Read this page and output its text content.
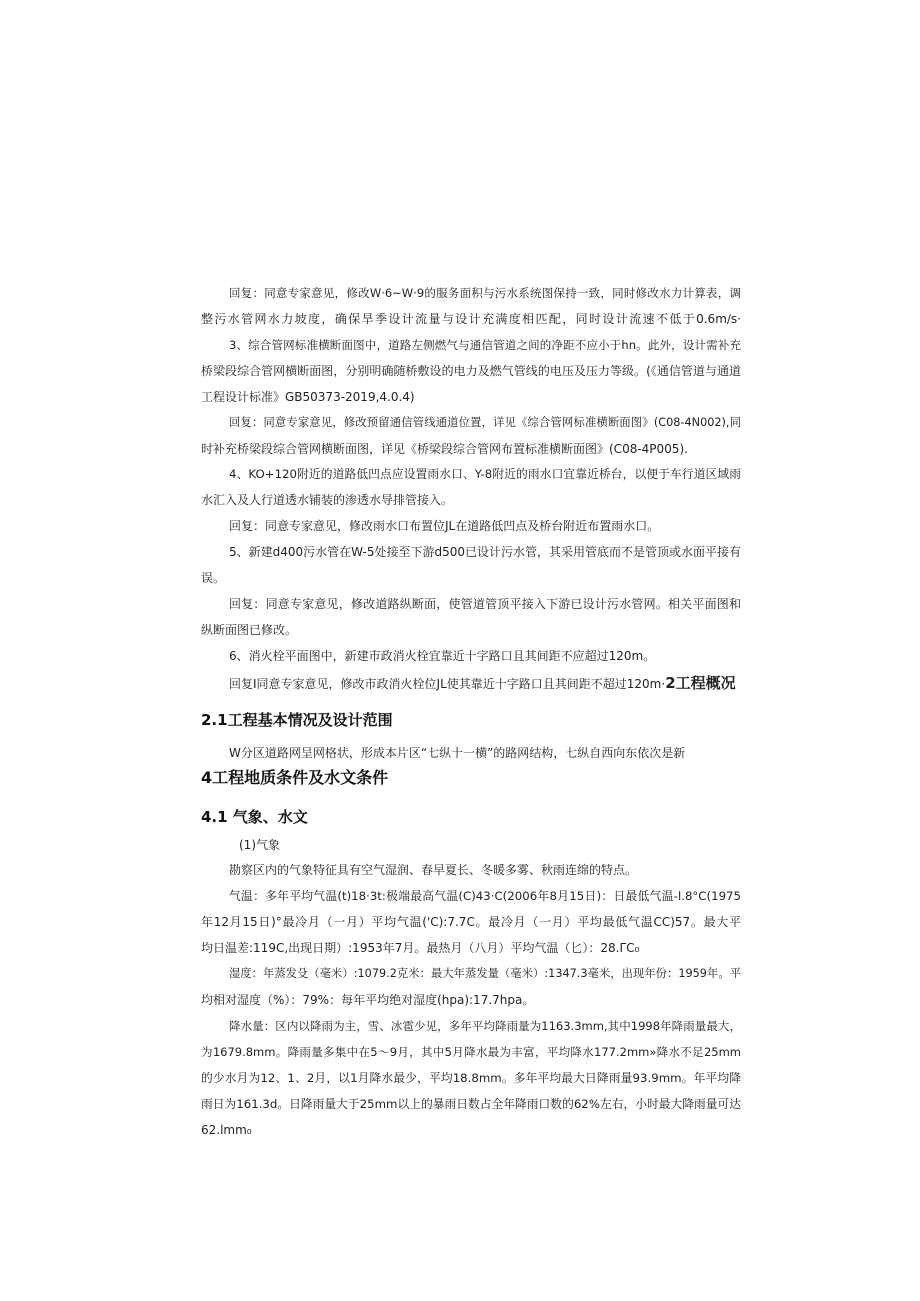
回复：同意专家意见，修改W·6~W·9的服务面积与污水系统图保持一致，同时修改水力计算表，调
整污水管网水力坡度，确保旱季设计流量与设计充满度相匹配，同时设计流速不低于0.6m∕s·
3、综合管网标准横断面图中，道路左侧燃气与通信管道之间的净距不应小于hn。此外，设计需补充
桥梁段综合管网横断面图，分别明确随桥敷设的电力及燃气管线的电压及压力等级。(《通信管道与通道
工程设计标准》GB50373-2019,4.0.4)
回复：同意专家意见，修改预留通信管线通道位置，详见《综合管网标准横断面图》(C08-4N002),同
时补充桥梁段综合管网横断面图，详见《桥梁段综合管网布置标准横断面图》(C08-4P005).
4、KO+120附近的道路低凹点应设置雨水口、Y-8附近的雨水口宜靠近桥台，以便于车行道区域雨
水汇入及人行道透水铺装的渗透水导排管接入。
回复：同意专家意见，修改雨水口布置位JL在道路低凹点及桥台附近布置雨水口。
5、新建d400污水管在W-5处接至下游d500已设计污水管，其采用管底而不是管顶或水面平接有
误。
回复：同意专家意见，修改道路纵断面，使管道管顶平接入下游已设计污水管网。相关平面图和
纵断面图已修改。
6、消火栓平面图中，新建市政消火栓宜靠近十字路口且其间距不应超过120m。
回复I同意专家意见，修改市政消火栓位JL使其靠近十字路口且其间距不超过120m·2工程概况
2.1工程基本情况及设计范围
W分区道路网呈网格状，形成本片区“七纵十一横”的路网结构，七纵自西向东依次是新
4工程地质条件及水文条件
4.1 气象、水文
(1)气象
勘察区内的气象特征具有空气湿润、春早夏长、冬暖多雾、秋雨连绵的特点。
气温：多年平均气温(t)18·3t:极端最高气温(C)43·C(2006年8月15日)：日最低气温-l.8°C(1975
年12月15日)°最冷月（一月）平均气温('C):7.7C。最冷月（一月）平均最低气温CC)57。最大平
均日温差:119C,出现日期）:1953年7月。最热月（八月）平均气温（匕）：28.ΓC₀
湿度：年蒸发殳（毫米）:1079.2克米：最大年蒸发量（毫米）:1347.3毫米，出现年份：1959年。平
均相对湿度（%）：79%：每年平均绝对湿度(hpa):17.7hpa。
降水量：区内以降雨为主，雪、冰雹少见，多年平均降雨量为1163.3mm,其中1998年降雨量最大，
为1679.8mm。降雨量多集中在5〜9月，其中5月降水最为丰富，平均降水177.2mm»降水不足25mm
的少水月为12、1、2月，以1月降水最少，平均18.8mm。多年平均最大日降雨量93.9mm。年平均降
雨日为161.3d。日降雨量大于25mm以上的暴雨日数占全年降雨口数的62%左右，小时最大降雨量可达
62.lmm₀
